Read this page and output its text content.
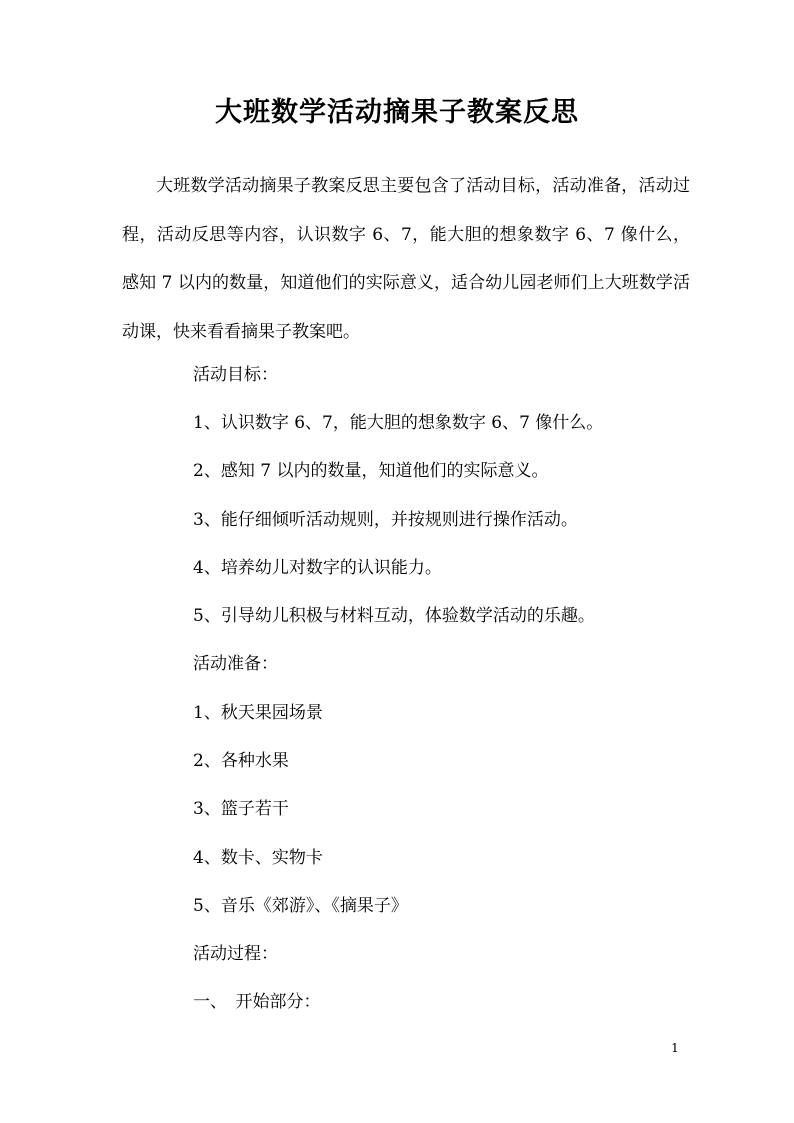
大班数学活动摘果子教案反思

大班数学活动摘果子教案反思主要包含了活动目标，活动准备，活动过程，活动反思等内容，认识数字 6、7，能大胆的想象数字 6、7 像什么，感知 7 以内的数量，知道他们的实际意义，适合幼儿园老师们上大班数学活动课，快来看看摘果子教案吧。

活动目标：

1、认识数字 6、7，能大胆的想象数字 6、7 像什么。

2、感知 7 以内的数量，知道他们的实际意义。

3、能仔细倾听活动规则，并按规则进行操作活动。

4、培养幼儿对数字的认识能力。

5、引导幼儿积极与材料互动，体验数学活动的乐趣。

活动准备：

1、秋天果园场景

2、各种水果

3、篮子若干

4、数卡、实物卡

5、音乐《郊游》、《摘果子》

活动过程：

一、　开始部分：

1
